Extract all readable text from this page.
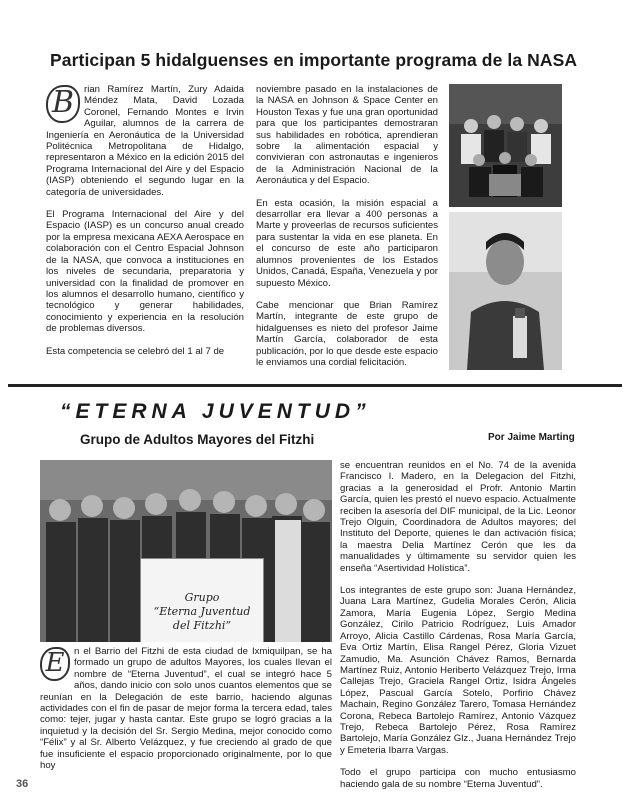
Participan 5 hidalguenses en importante programa de la NASA

B	rian Ramírez Martín, Zury Adaida Méndez Mata, David Lozada Coronel, Fernando Montes e Irvin Aguilar, alumnos de la carrera de Ingeniería en Aeronáutica de la Universidad Politécnica Metropolitana de Hidalgo, representaron a México en la edición 2015 del Programa Internacional del Aire y del Espacio (IASP) obteniendo el segundo lugar en la categoría de universidades.

El Programa Internacional del Aire y del Espacio (IASP) es un concurso anual creado por la empresa mexicana AEXA Aerospace en colaboración con el Centro Espacial Johnson de la NASA, que convoca a instituciones en los niveles de secundaria, preparatoria y universidad con la finalidad de promover en los alumnos el desarrollo humano, científico y tecnológico y generar habilidades, conocimiento y experiencia en la resolución de problemas diversos.

Esta competencia se celebró del 1 al 7 de

noviembre pasado en la instalaciones de la NASA en Johnson & Space Center en Houston Texas y fue una gran oportunidad para que los participantes demostraran sus habilidades en robótica, aprendieran sobre la alimentación espacial y convivieran con astronautas e ingenieros de la Administración Nacional de la Aeronáutica y del Espacio.

En esta ocasión, la misión espacial a desarrollar era llevar a 400 personas a Marte y proveerlas de recursos suficientes para sustentar la vida en ese planeta. En el concurso de este año participaron alumnos provenientes de los Estados Unidos, Canadá, España, Venezuela y por supuesto México.

Cabe mencionar que Brian Ramírez Martín, integrante de este grupo de hidalguenses es nieto del profesor Jaime Martín García, colaborador de esta publicación, por lo que desde este espacio le enviamos una cordial felicitación.

“ETERNA JUVENTUD”
Grupo de Adultos Mayores del Fitzhi	Por Jaime Marting
Grupo
“Eterna Juventud
del Fitzhi”

E n el Barrio del Fitzhi de esta ciudad de Ixmiquilpan, se ha formado un grupo de adultos Mayores, los cuales llevan el nombre de “Eterna Juventud”, el cual se integró hace 5 años, dando inicio con solo unos cuantos elementos que se reunían en la Delegación de este barrio, haciendo algunas actividades con el fin de pasar de mejor forma la tercera edad, tales como: tejer, jugar y hasta cantar. Este grupo se logró gracias a la inquietud y la decisión del Sr. Sergio Medina, mejor conocido como “Félix” y al Sr. Alberto Velázquez, y fue creciendo al grado de que fue insuficiente el espacio proporcionado originalmente, por lo que hoy

se encuentran reunidos en el No. 74 de la avenida Francisco I. Madero, en la Delegacion del Fitzhi, gracias a la generosidad el Profr. Antonio Martin García, quien les prestó el nuevo espacio. Actualmente reciben la asesoría del DIF municipal, de la Lic. Leonor Trejo Olguin, Coordinadora de Adultos mayores; del Instituto del Deporte, quienes le dan activación física; la maestra Delia Martínez Cerón que les da manualidades y últimamente su servidor quien les enseña “Asertividad Holística”.

Los integrantes de este grupo son: Juana Hernández, Juana Lara Martínez, Gudelia Morales Cerón, Alicia Zamora, María Eugenia López, Sergio Medina González, Cirilo Patricio Rodríguez, Luis Amador Arroyo, Alicia Castillo Cárdenas, Rosa María García, Eva Ortiz Martín, Elisa Rangel Pérez, Gloria Vizuet Zamudio, Ma. Asunción Chávez Ramos, Bernarda Martínez Ruiz, Antonio Heriberto Velázquez Trejo, Irma Callejas Trejo, Graciela Rangel Ortiz, Isidra Ángeles López, Pascual García Sotelo, Porfirio Chávez Machain, Regino González Tarero, Tomasa Hernández Corona, Rebeca Bartolejo Ramírez, Antonio Vázquez Trejo, Rebeca Bartolejo Pérez, Rosa Ramírez Bartolejo, María González Glz., Juana Hernández Trejo y Emeteria Ibarra Vargas.

Todo el grupo participa con mucho entusiasmo haciendo gala de su nombre “Eterna Juventud”.

36
